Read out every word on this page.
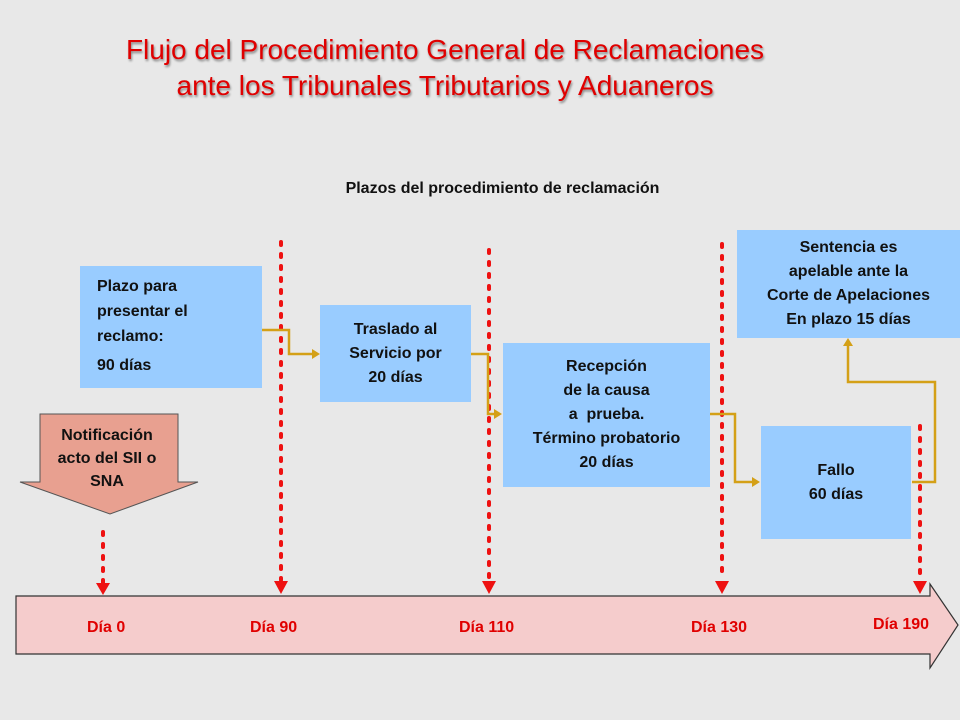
Flujo del Procedimiento General de Reclamaciones
ante los Tribunales Tributarios y Aduaneros
Plazos del procedimiento de reclamación
Plazo para
presentar el
reclamo:
90 días
Traslado al
Servicio por
20 días
Recepción
de la causa
a  prueba.
Término probatorio
20 días	Fallo
60 días
Sentencia es
apelable ante la
Corte de Apelaciones
En plazo 15 días
Notificación
acto del SII o
SNA
Día 0	Día 90	Día 110	Día 130	Día 190
